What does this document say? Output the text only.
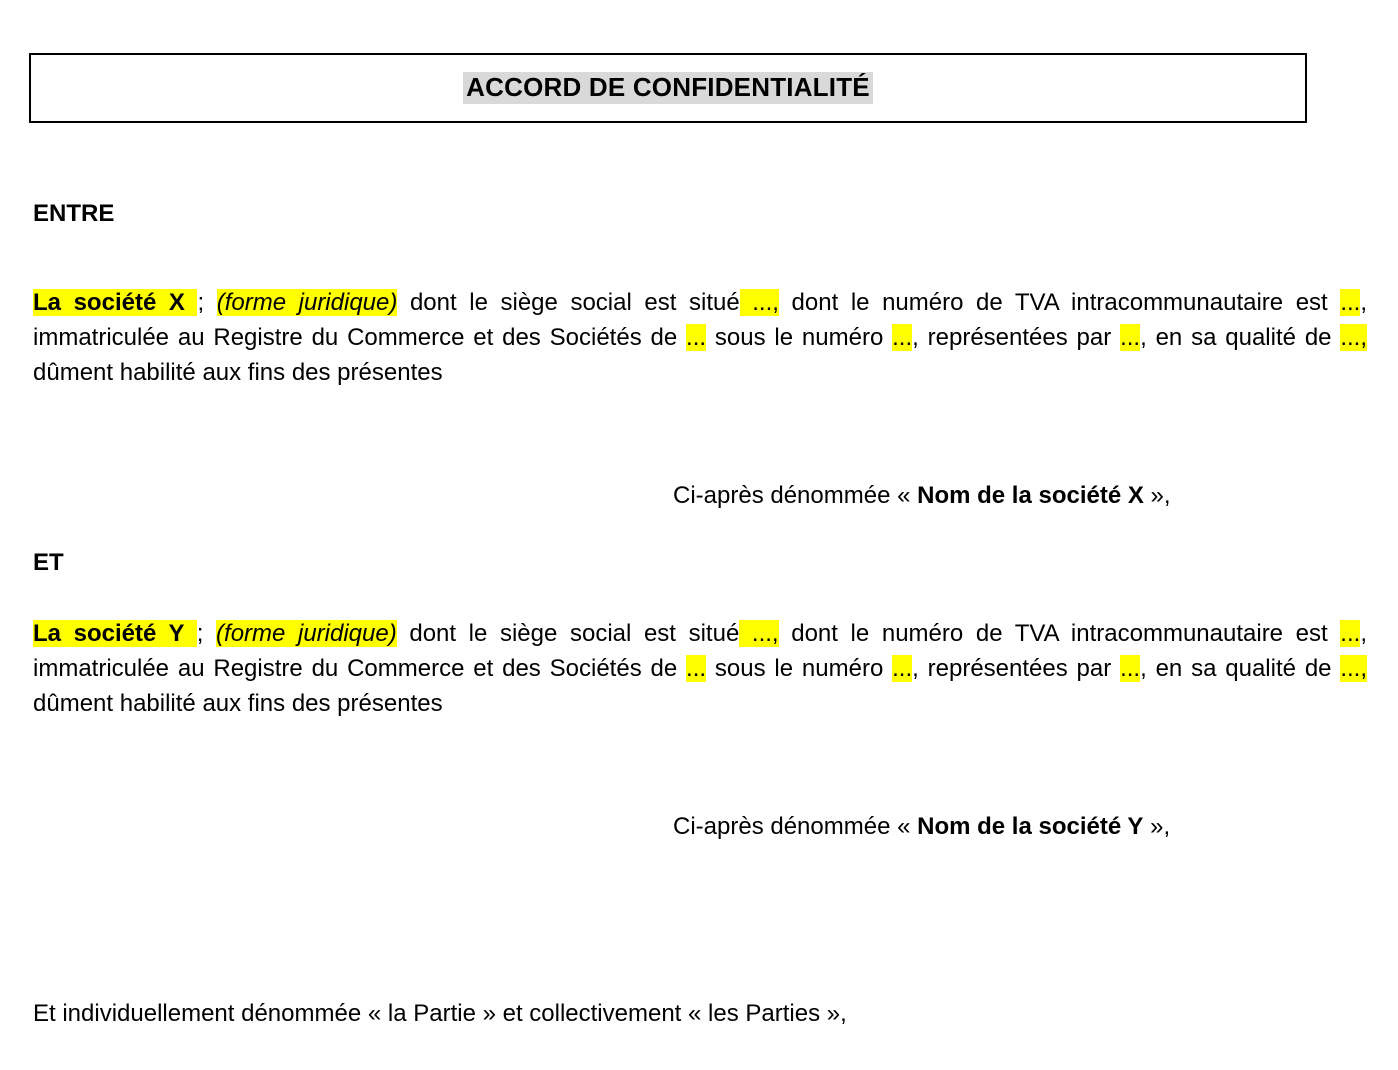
ACCORD DE CONFIDENTIALITÉ
ENTRE
La société X ; (forme juridique) dont le siège social est situé ..., dont le numéro de TVA intracommunautaire est ..., immatriculée au Registre du Commerce et des Sociétés de ... sous le numéro ..., représentées par ..., en sa qualité de ..., dûment habilité aux fins des présentes
Ci-après dénommée « Nom de la société X »,
ET
La société Y ; (forme juridique) dont le siège social est situé ..., dont le numéro de TVA intracommunautaire est ..., immatriculée au Registre du Commerce et des Sociétés de ... sous le numéro ..., représentées par ..., en sa qualité de ..., dûment habilité aux fins des présentes
Ci-après dénommée « Nom de la société Y »,
Et individuellement dénommée « la Partie » et collectivement « les Parties »,
